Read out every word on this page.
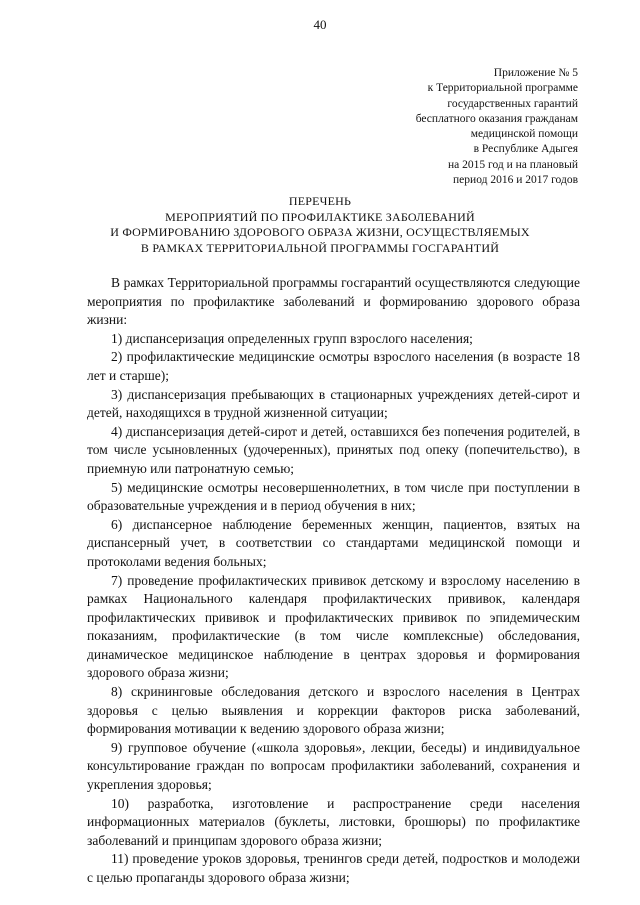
40
Приложение № 5
к Территориальной программе
государственных гарантий
бесплатного оказания гражданам
медицинской помощи
в Республике Адыгея
на 2015 год и на плановый
период 2016 и 2017 годов
ПЕРЕЧЕНЬ
МЕРОПРИЯТИЙ ПО ПРОФИЛАКТИКЕ ЗАБОЛЕВАНИЙ
И ФОРМИРОВАНИЮ ЗДОРОВОГО ОБРАЗА ЖИЗНИ, ОСУЩЕСТВЛЯЕМЫХ
В РАМКАХ ТЕРРИТОРИАЛЬНОЙ ПРОГРАММЫ ГОСГАРАНТИЙ

В рамках Территориальной программы госгарантий осуществляются следующие мероприятия по профилактике заболеваний и формированию здорового образа жизни:

1) диспансеризация определенных групп взрослого населения;

2) профилактические медицинские осмотры взрослого населения (в возрасте 18 лет и старше);

3) диспансеризация пребывающих в стационарных учреждениях детей-сирот и детей, находящихся в трудной жизненной ситуации;

4) диспансеризация детей-сирот и детей, оставшихся без попечения родителей, в том числе усыновленных (удочеренных), принятых под опеку (попечительство), в приемную или патронатную семью;

5) медицинские осмотры несовершеннолетних, в том числе при поступлении в образовательные учреждения и в период обучения в них;

6) диспансерное наблюдение беременных женщин, пациентов, взятых на диспансерный учет, в соответствии со стандартами медицинской помощи и протоколами ведения больных;

7) проведение профилактических прививок детскому и взрослому населению в рамках Национального календаря профилактических прививок, календаря профилактических прививок и профилактических прививок по эпидемическим показаниям, профилактические (в том числе комплексные) обследования, динамическое медицинское наблюдение в центрах здоровья и формирования здорового образа жизни;

8) скрининговые обследования детского и взрослого населения в Центрах здоровья с целью выявления и коррекции факторов риска заболеваний, формирования мотивации к ведению здорового образа жизни;

9) групповое обучение («школа здоровья», лекции, беседы) и индивидуальное консультирование граждан по вопросам профилактики заболеваний, сохранения и укрепления здоровья;

10) разработка, изготовление и распространение среди населения информационных материалов (буклеты, листовки, брошюры) по профилактике заболеваний и принципам здорового образа жизни;

11) проведение уроков здоровья, тренингов среди детей, подростков и молодежи с целью пропаганды здорового образа жизни;
